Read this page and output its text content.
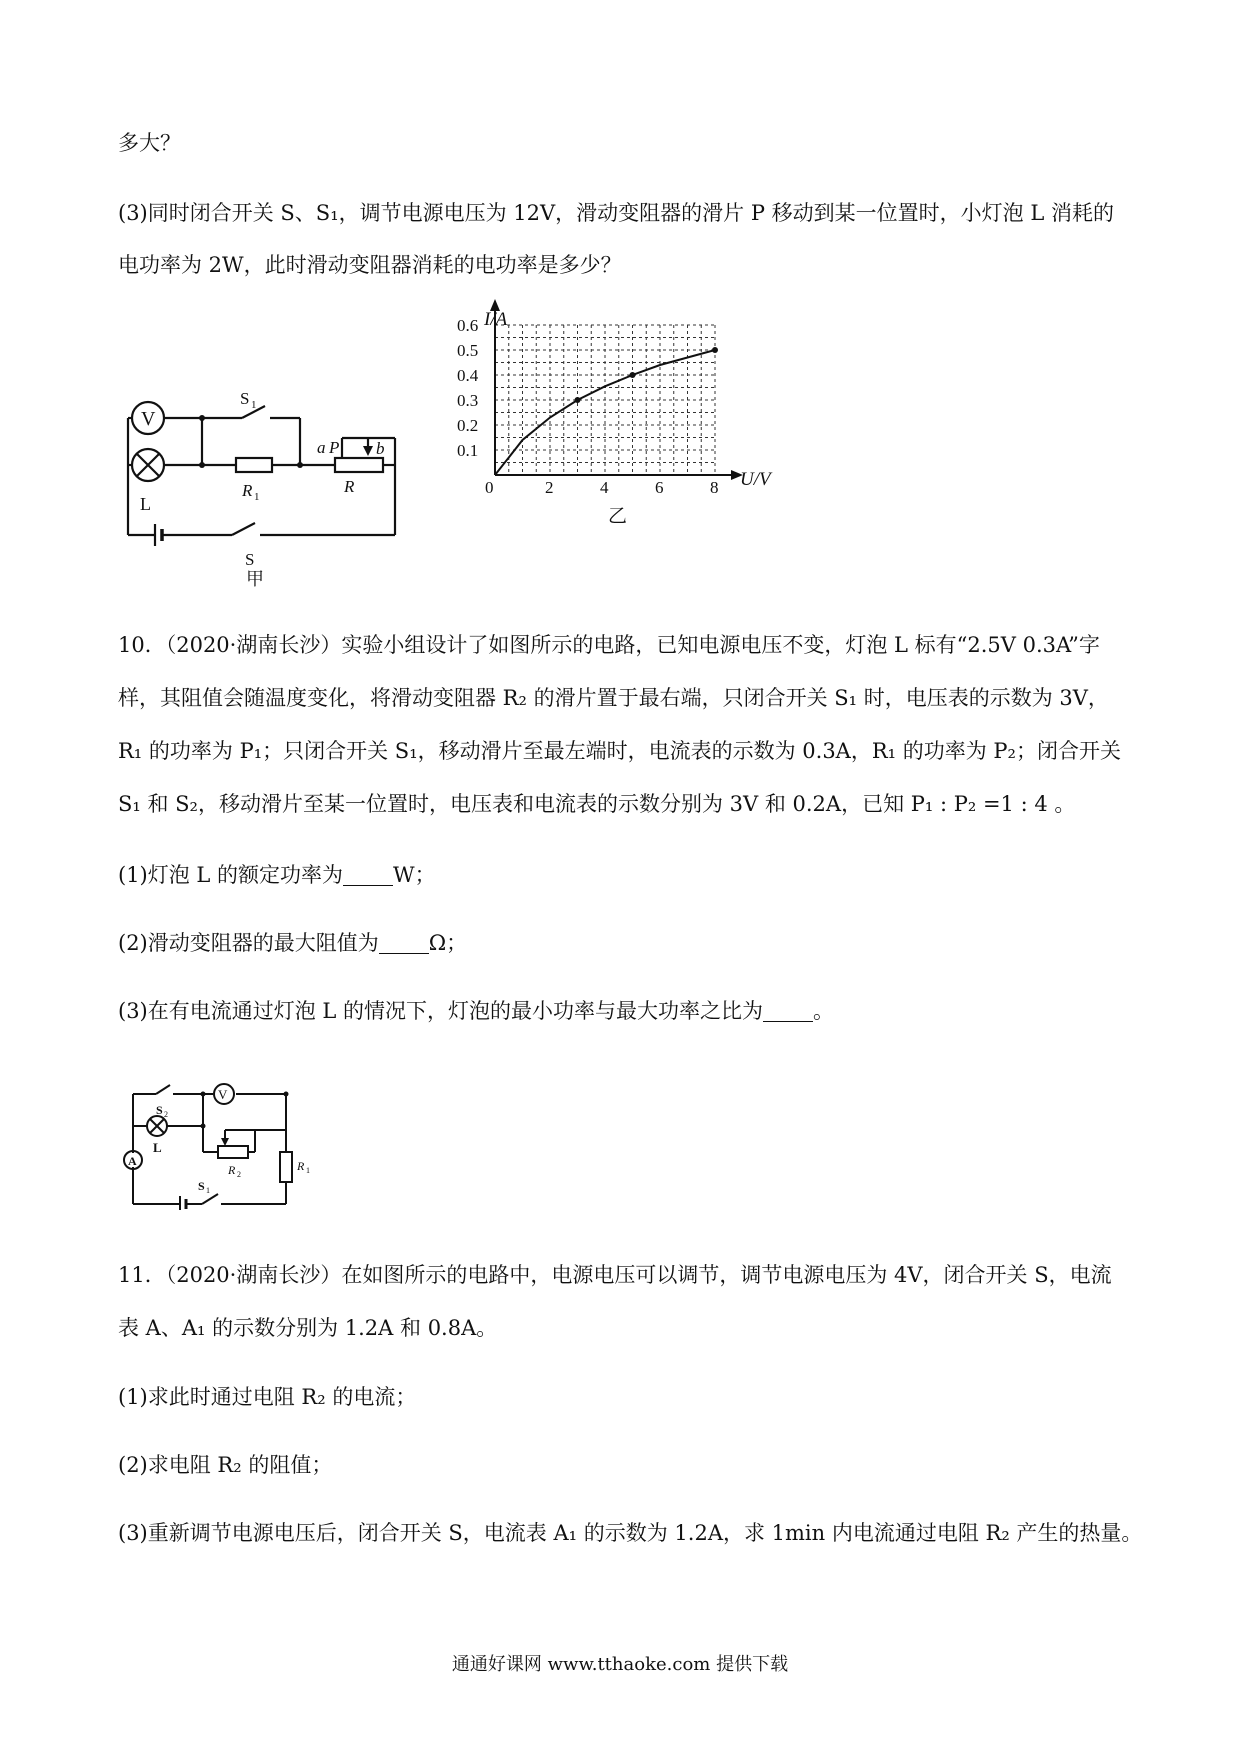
多大？
(3)同时闭合开关 S、S₁，调节电源电压为 12V，滑动变阻器的滑片 P 移动到某一位置时，小灯泡 L 消耗的
电功率为 2W，此时滑动变阻器消耗的电功率是多少？
V
L
S 1
R 1
a P b
R
S
甲
2	4	6	8
0.1
0.2
0.3
0.4
0.5
0.6 I/A
U/V
0
乙
10．（2020·湖南长沙）实验小组设计了如图所示的电路，已知电源电压不变，灯泡 L 标有“2.5V 0.3A”字
样，其阻值会随温度变化，将滑动变阻器 R₂ 的滑片置于最右端，只闭合开关 S₁ 时，电压表的示数为 3V，
R₁ 的功率为 P₁；只闭合开关 S₁，移动滑片至最左端时，电流表的示数为 0.3A，R₁ 的功率为 P₂；闭合开关
S₁ 和 S₂，移动滑片至某一位置时，电压表和电流表的示数分别为 3V 和 0.2A，已知 P₁ : P₂ =1 : 4 。
(1)灯泡 L 的额定功率为 W；
(2)滑动变阻器的最大阻值为 Ω；
(3)在有电流通过灯泡 L 的情况下，灯泡的最小功率与最大功率之比为 。
V
S 2
L
A
R 2
R 1
S 1
11．（2020·湖南长沙）在如图所示的电路中，电源电压可以调节，调节电源电压为 4V，闭合开关 S，电流
表 A、A₁ 的示数分别为 1.2A 和 0.8A。
(1)求此时通过电阻 R₂ 的电流；
(2)求电阻 R₂ 的阻值；
(3)重新调节电源电压后，闭合开关 S，电流表 A₁ 的示数为 1.2A，求 1min 内电流通过电阻 R₂ 产生的热量。
通通好课网 www.tthaoke.com 提供下载
